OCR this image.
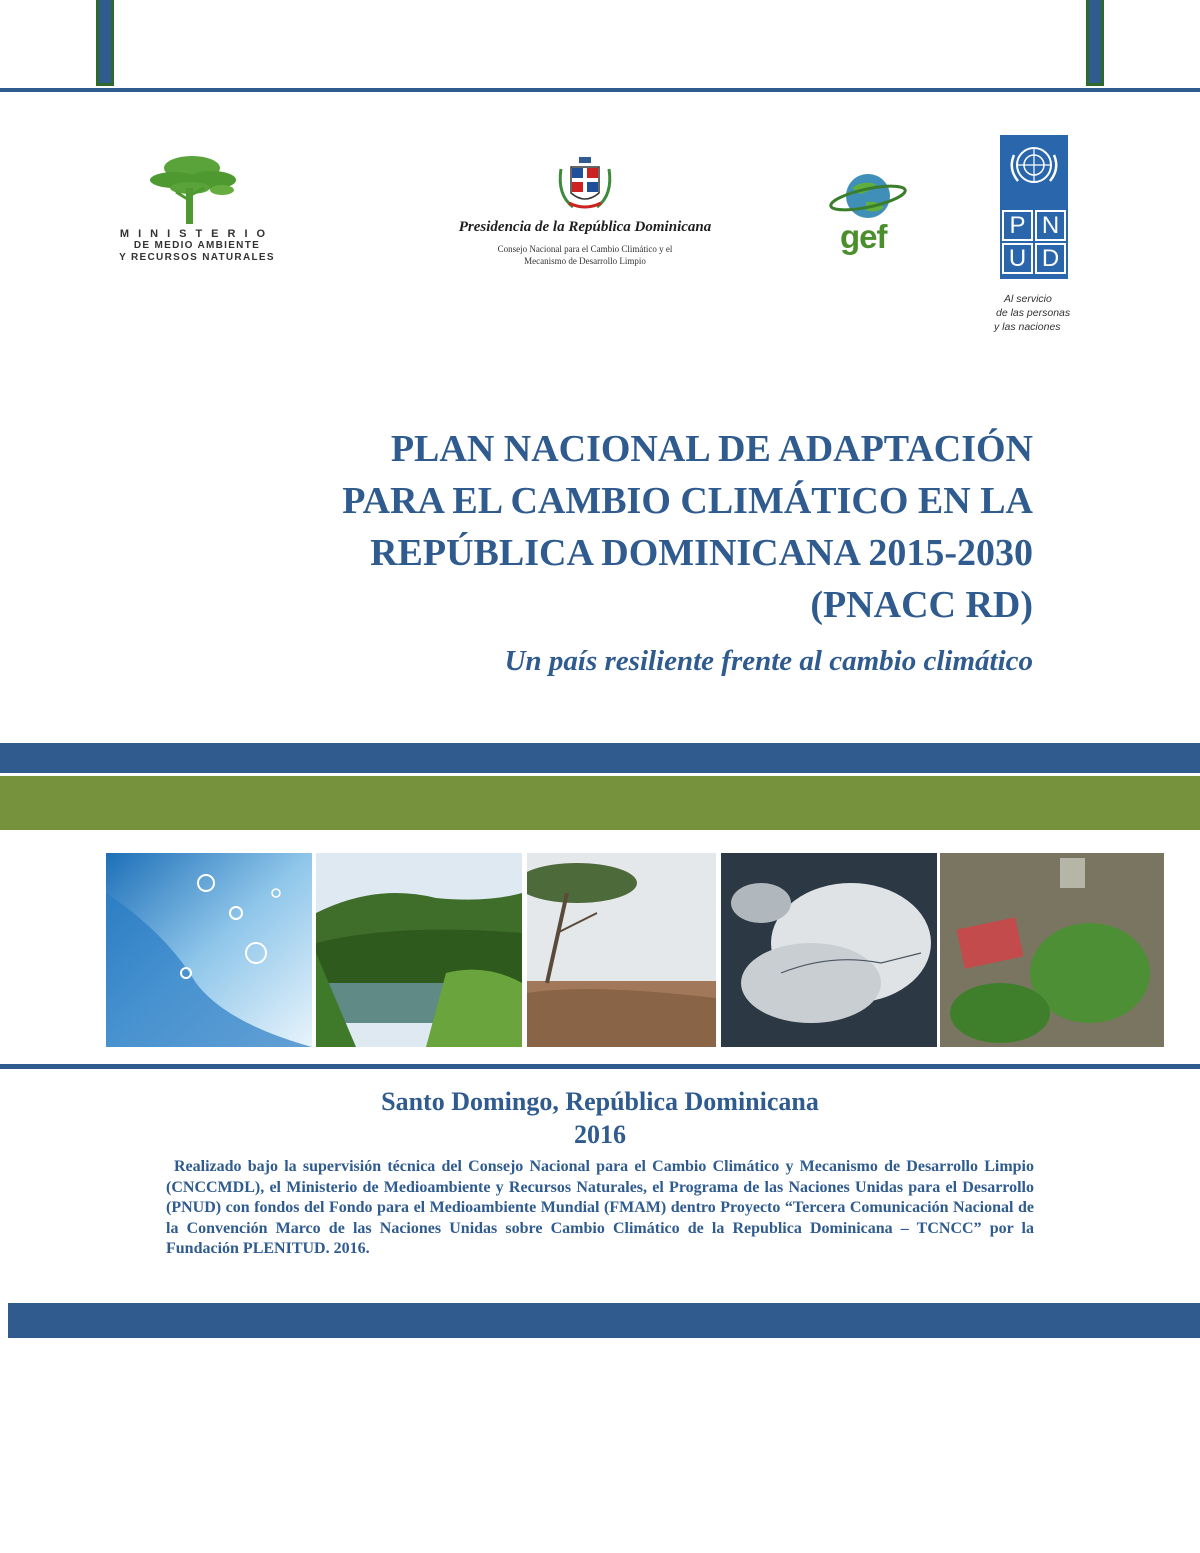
MINISTERIO
DE MEDIO AMBIENTE
Y RECURSOS NATURALES
Presidencia de la República Dominicana
Consejo Nacional para el Cambio Climático y el
Mecanismo de Desarrollo Limpio
gef	P N
U D
Al servicio
de las personas
y las naciones
PLAN NACIONAL DE ADAPTACIÓN
PARA EL CAMBIO CLIMÁTICO EN LA
REPÚBLICA DOMINICANA 2015-2030
(PNACC RD)
Un país resiliente frente al cambio climático
Santo Domingo, República Dominicana
2016
Realizado bajo la supervisión técnica del Consejo Nacional para el Cambio Climático y Mecanismo de Desarrollo Limpio (CNCCMDL), el Ministerio de Medioambiente y Recursos Naturales, el Programa de las Naciones Unidas para el Desarrollo (PNUD) con fondos del Fondo para el Medioambiente Mundial (FMAM) dentro Proyecto “Tercera Comunicación Nacional de la Convención Marco de las Naciones Unidas sobre Cambio Climático de la Republica Dominicana – TCNCC” por la Fundación PLENITUD. 2016.
